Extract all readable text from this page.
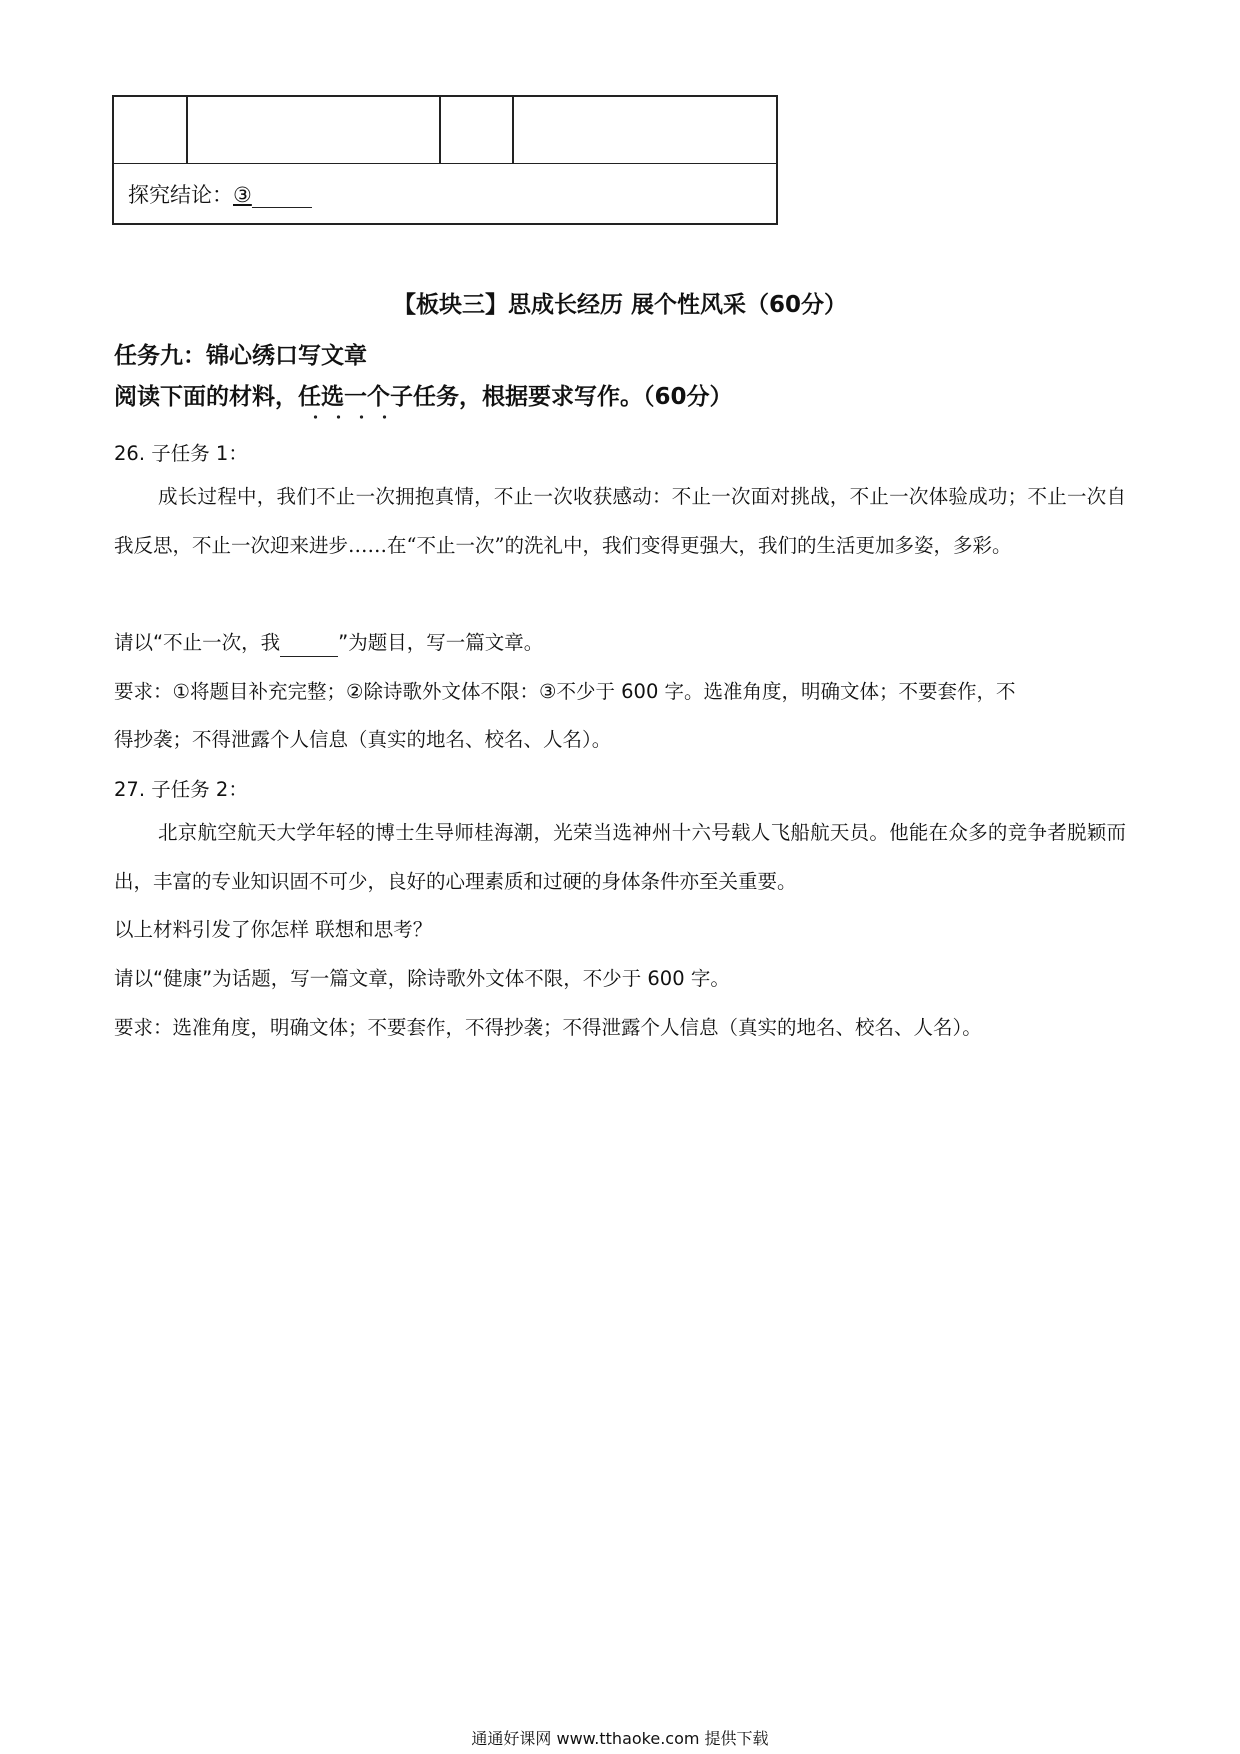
探究结论：③
【板块三】思成长经历 展个性风采（60分）
任务九：锦心绣口写文章
阅读下面的材料，任选一个
子任务，根据要求写作。（60分）
26. 子任务 1：
成长过程中，我们不止一次拥抱真情，不止一次收获感动：不止一次面对挑战，不止一次体验成功；不止一次自我反思，不止一次迎来进步……在“不止一次”的洗礼中，我们变得更强大，我们的生活更加多姿，多彩。
请以“不止一次，我	”为题目，写一篇文章。
要求：①将题目补充完整；②除诗歌外文体不限：③不少于 600 字。选准角度，明确文体；不要套作，不
得抄袭；不得泄露个人信息（真实的地名、校名、人名）。
27. 子任务 2：
北京航空航天大学年轻的博士生导师桂海潮，光荣当选神州十六号载人飞船航天员。他能在众多的竞争者脱颖而出，丰富的专业知识固不可少，良好的心理素质和过硬的身体条件亦至关重要。
以上材料引发了你怎样 联想和思考？
请以“健康”为话题，写一篇文章，除诗歌外文体不限，不少于 600 字。
要求：选准角度，明确文体；不要套作，不得抄袭；不得泄露个人信息（真实的地名、校名、人名）。
通通好课网 www.tthaoke.com 提供下载
